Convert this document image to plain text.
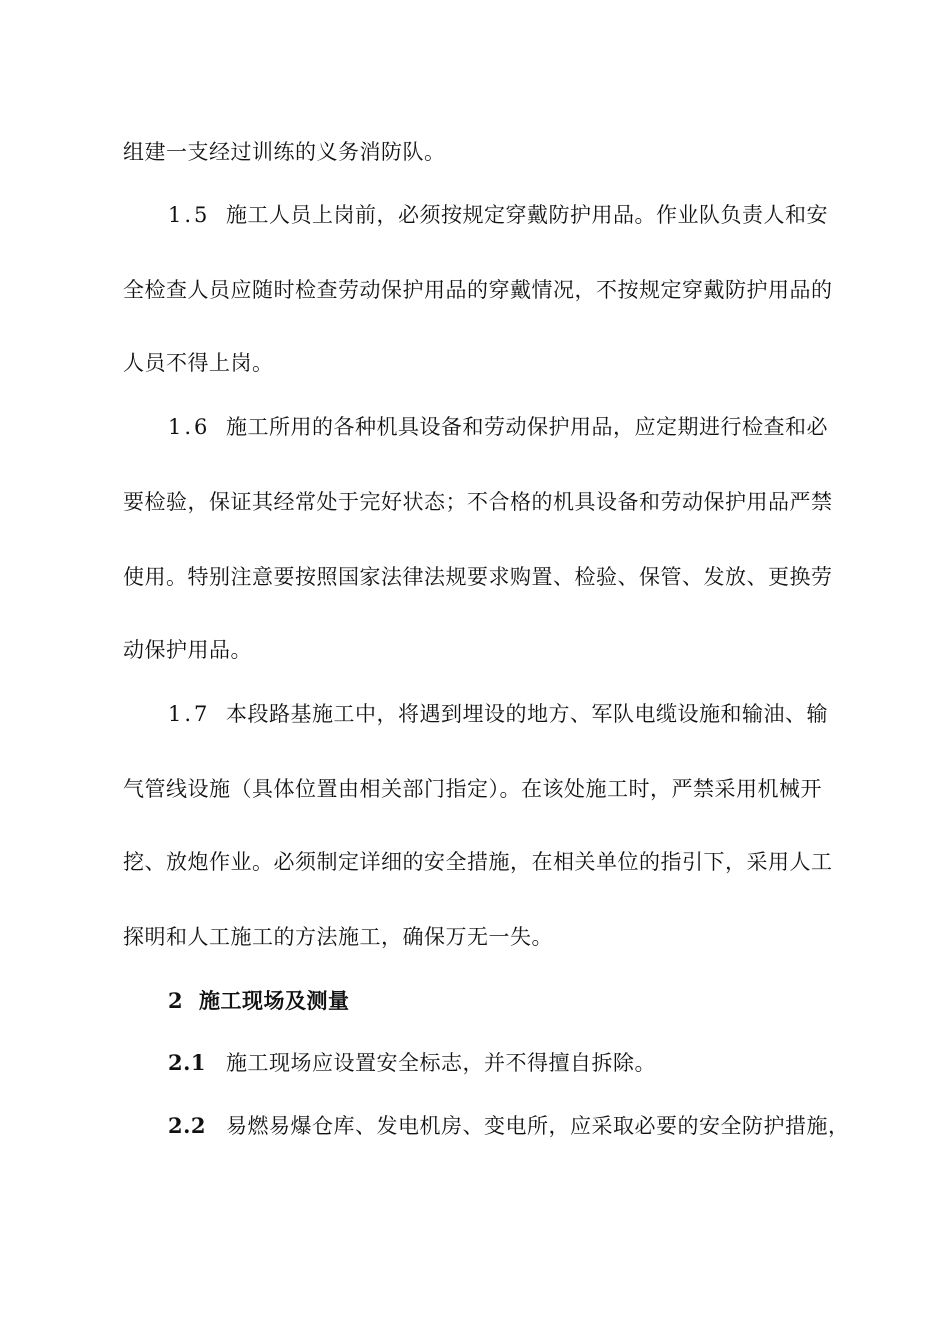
组建一支经过训练的义务消防队。
1.5 施工人员上岗前，必须按规定穿戴防护用品。作业队负责人和安
全检查人员应随时检查劳动保护用品的穿戴情况，不按规定穿戴防护用品的
人员不得上岗。
1.6 施工所用的各种机具设备和劳动保护用品，应定期进行检查和必
要检验，保证其经常处于完好状态；不合格的机具设备和劳动保护用品严禁
使用。特别注意要按照国家法律法规要求购置、检验、保管、发放、更换劳
动保护用品。
1.7 本段路基施工中，将遇到埋设的地方、军队电缆设施和输油、输
气管线设施（具体位置由相关部门指定）。在该处施工时，严禁采用机械开
挖、放炮作业。必须制定详细的安全措施，在相关单位的指引下，采用人工
探明和人工施工的方法施工，确保万无一失。
2 施工现场及测量
2.1 施工现场应设置安全标志，并不得擅自拆除。
2.2 易燃易爆仓库、发电机房、变电所，应采取必要的安全防护措施，
